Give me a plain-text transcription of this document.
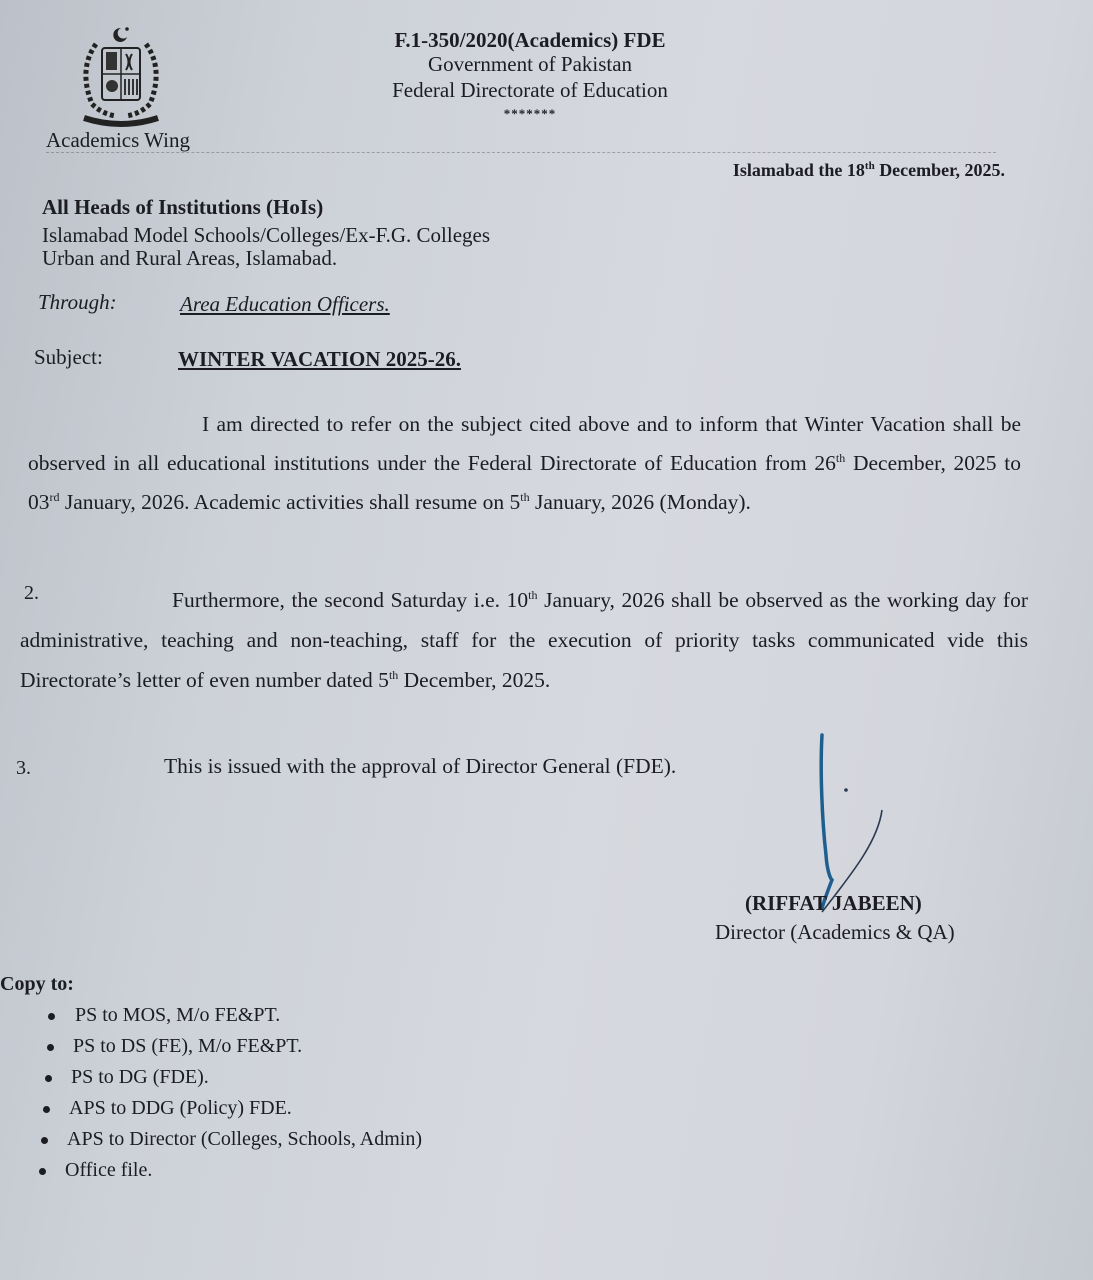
Academics Wing
F.1-350/2020(Academics) FDE
Government of Pakistan
Federal Directorate of Education
*******
Islamabad the 18th December, 2025.
All Heads of Institutions (HoIs)
Islamabad Model Schools/Colleges/Ex-F.G. Colleges
Urban and Rural Areas, Islamabad.
Through:	Area Education Officers.
Subject:	WINTER VACATION 2025-26.
I am directed to refer on the subject cited above and to inform that Winter Vacation shall be observed in all educational institutions under the Federal Directorate of Education from 26th December, 2025 to 03rd January, 2026. Academic activities shall resume on 5th January, 2026 (Monday).
2.	Furthermore, the second Saturday i.e. 10th January, 2026 shall be observed as the working day for administrative, teaching and non-teaching, staff for the execution of priority tasks communicated vide this Directorate’s letter of even number dated 5th December, 2025.
3.	This is issued with the approval of Director General (FDE).
(RIFFAT JABEEN)
Director (Academics & QA)
Copy to:
PS to MOS, M/o FE&PT.
PS to DS (FE), M/o FE&PT.
PS to DG (FDE).
APS to DDG (Policy) FDE.
APS to Director (Colleges, Schools, Admin)
Office file.
